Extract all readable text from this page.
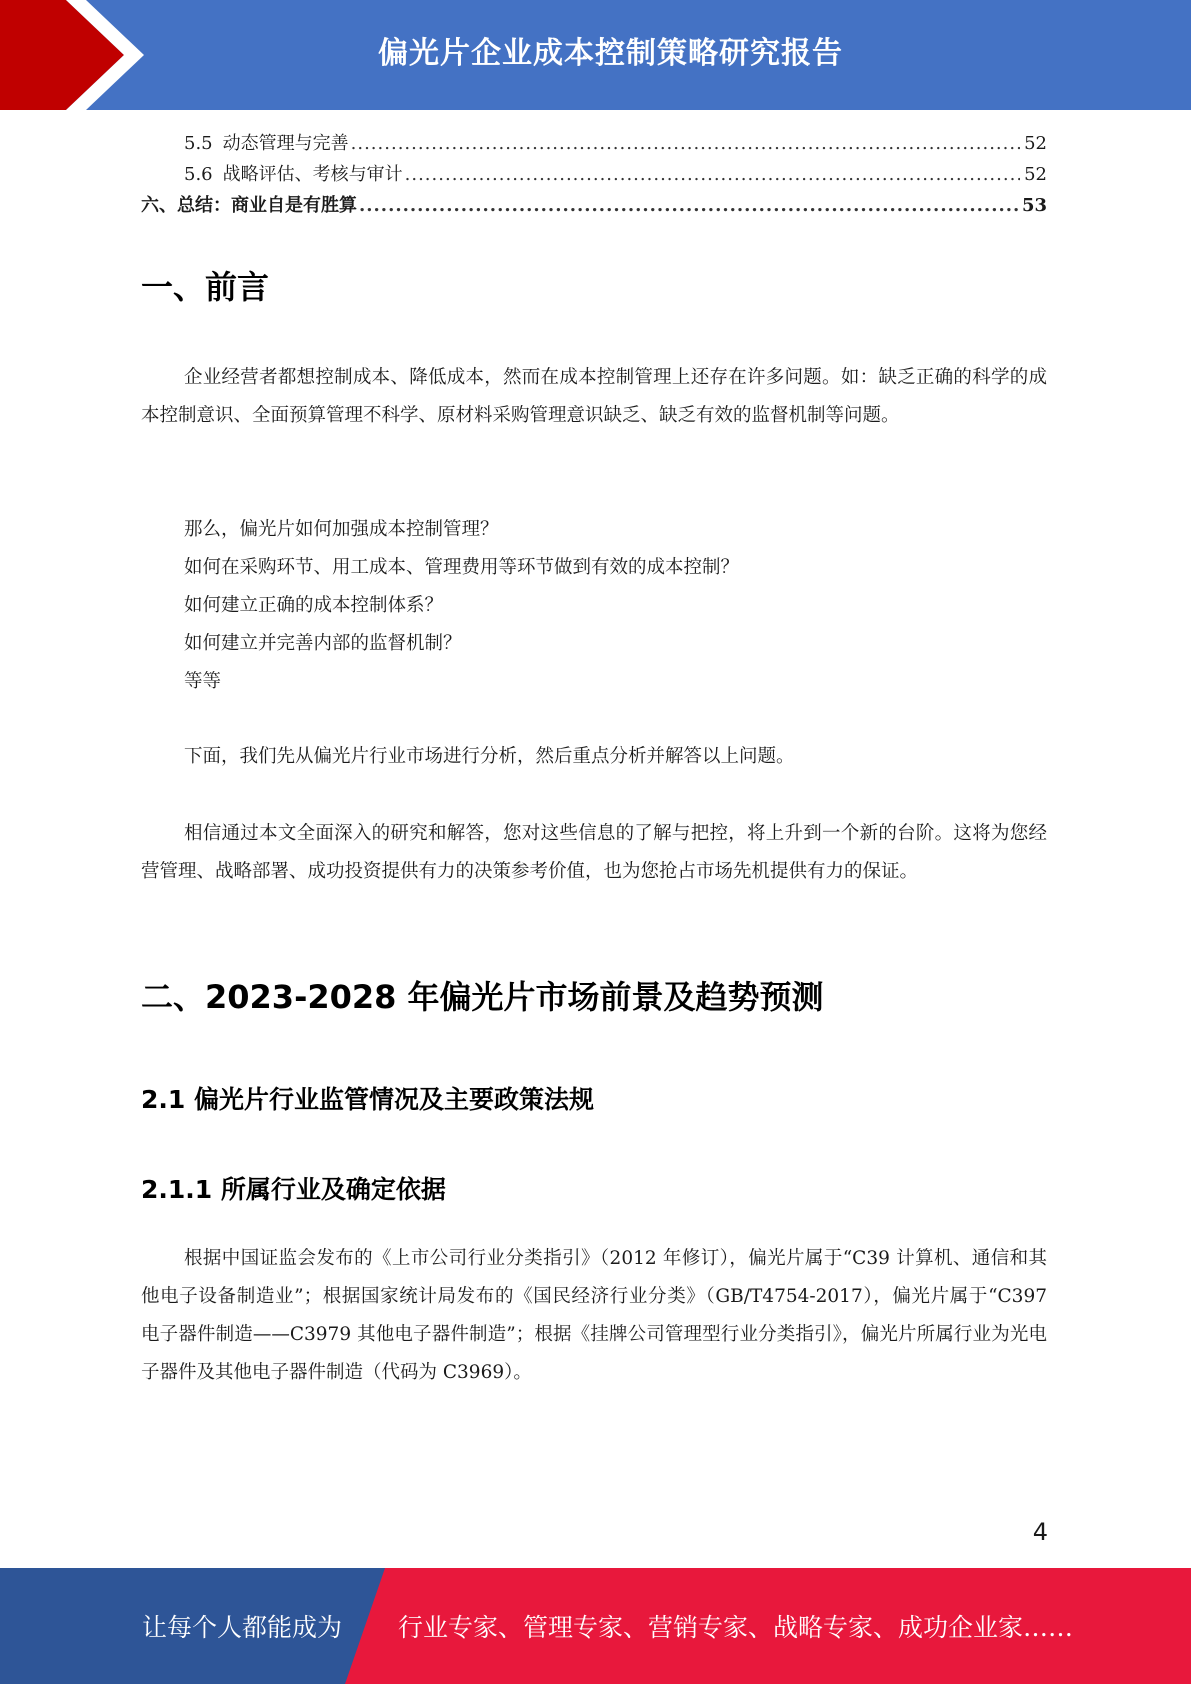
偏光片企业成本控制策略研究报告
5.5 动态管理与完善 .....	52
5.6 战略评估、考核与审计 .....	52
六、总结：商业自是有胜算 .....	53
一、前言

企业经营者都想控制成本、降低成本，然而在成本控制管理上还存在许多问题。如：缺乏正确的科学的成本控制意识、全面预算管理不科学、原材料采购管理意识缺乏、缺乏有效的监督机制等问题。

那么，偏光片如何加强成本控制管理？
如何在采购环节、用工成本、管理费用等环节做到有效的成本控制？
如何建立正确的成本控制体系？
如何建立并完善内部的监督机制？
等等

下面，我们先从偏光片行业市场进行分析，然后重点分析并解答以上问题。

相信通过本文全面深入的研究和解答，您对这些信息的了解与把控，将上升到一个新的台阶。这将为您经营管理、战略部署、成功投资提供有力的决策参考价值，也为您抢占市场先机提供有力的保证。

二、2023-2028 年偏光片市场前景及趋势预测
2.1 偏光片行业监管情况及主要政策法规
2.1.1 所属行业及确定依据

根据中国证监会发布的《上市公司行业分类指引》（2012 年修订），偏光片属于“C39 计算机、通信和其他电子设备制造业”；根据国家统计局发布的《国民经济行业分类》（GB/T4754-2017），偏光片属于“C397 电子器件制造——C3979 其他电子器件制造”；根据《挂牌公司管理型行业分类指引》，偏光片所属行业为光电子器件及其他电子器件制造（代码为 C3969）。

4
让每个人都能成为 行业专家、管理专家、营销专家、战略专家、成功企业家……
